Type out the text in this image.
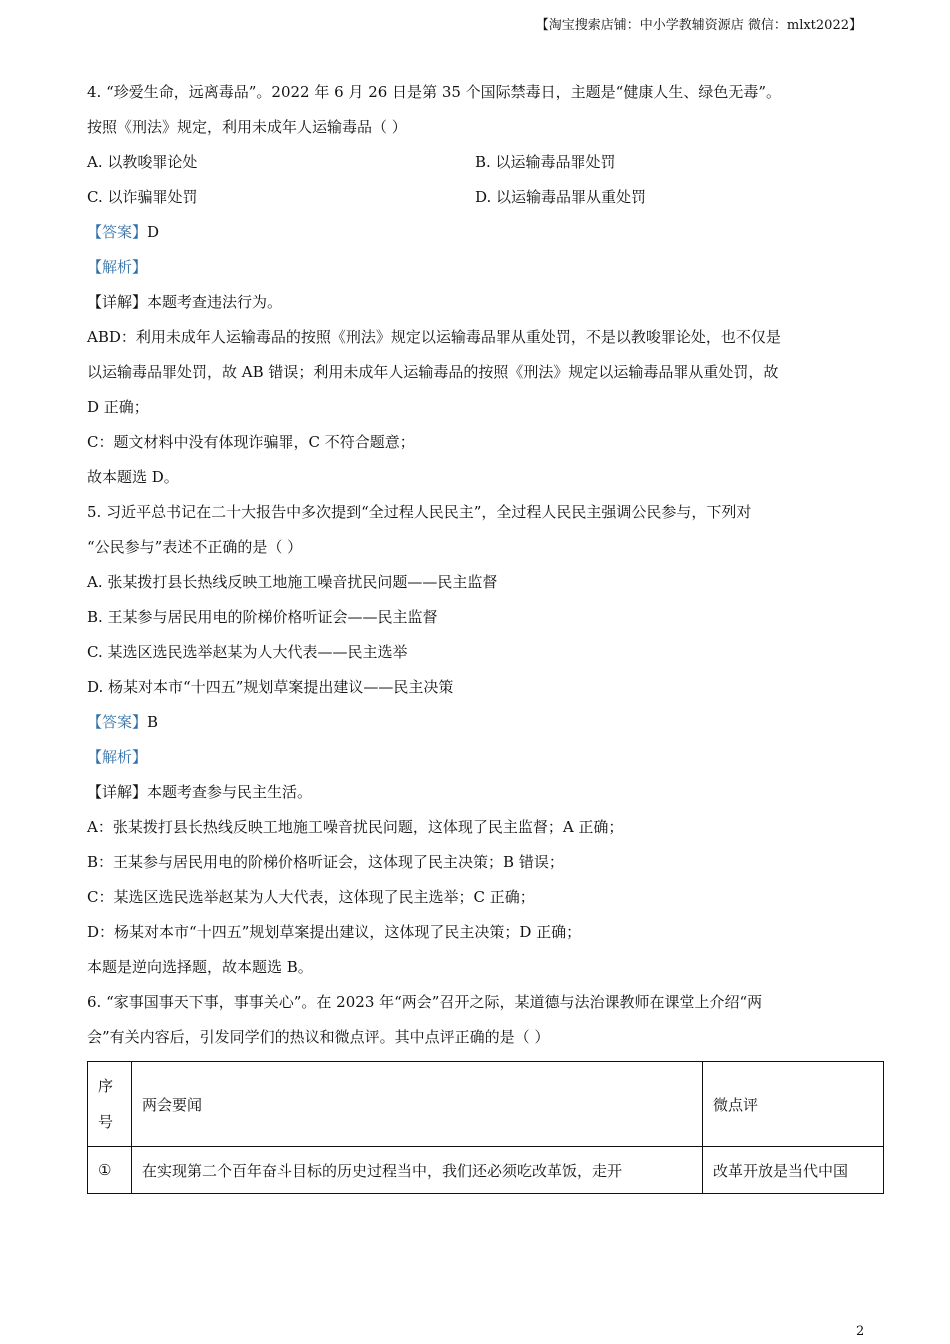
【淘宝搜索店铺：中小学教辅资源店 微信：mlxt2022】
4. “珍爱生命，远离毒品”。2022 年 6 月 26 日是第 35 个国际禁毒日，主题是“健康人生、绿色无毒”。
按照《刑法》规定，利用未成年人运输毒品（ ）
A. 以教唆罪论处	B. 以运输毒品罪处罚
C. 以诈骗罪处罚	D. 以运输毒品罪从重处罚
【答案】D
【解析】
【详解】本题考查违法行为。
ABD：利用未成年人运输毒品的按照《刑法》规定以运输毒品罪从重处罚，不是以教唆罪论处，也不仅是
以运输毒品罪处罚，故 AB 错误；利用未成年人运输毒品的按照《刑法》规定以运输毒品罪从重处罚，故
D 正确；
C：题文材料中没有体现诈骗罪，C 不符合题意；
故本题选 D。
5. 习近平总书记在二十大报告中多次提到“全过程人民民主”，全过程人民民主强调公民参与，下列对
“公民参与”表述不正确的是（ ）
A. 张某拨打县长热线反映工地施工噪音扰民问题——民主监督
B. 王某参与居民用电的阶梯价格听证会——民主监督
C. 某选区选民选举赵某为人大代表——民主选举
D. 杨某对本市“十四五”规划草案提出建议——民主决策
【答案】B
【解析】
【详解】本题考查参与民主生活。
A：张某拨打县长热线反映工地施工噪音扰民问题，这体现了民主监督；A 正确；
B：王某参与居民用电的阶梯价格听证会，这体现了民主决策；B 错误；
C：某选区选民选举赵某为人大代表，这体现了民主选举；C 正确；
D：杨某对本市“十四五”规划草案提出建议，这体现了民主决策；D 正确；
本题是逆向选择题，故本题选 B。
6. “家事国事天下事，事事关心”。在 2023 年“两会”召开之际，某道德与法治课教师在课堂上介绍“两
会”有关内容后，引发同学们的热议和微点评。其中点评正确的是（ ）
序
号	两会要闻	微点评
①	在实现第二个百年奋斗目标的历史过程当中，我们还必须吃改革饭，走开	改革开放是当代中国
2
